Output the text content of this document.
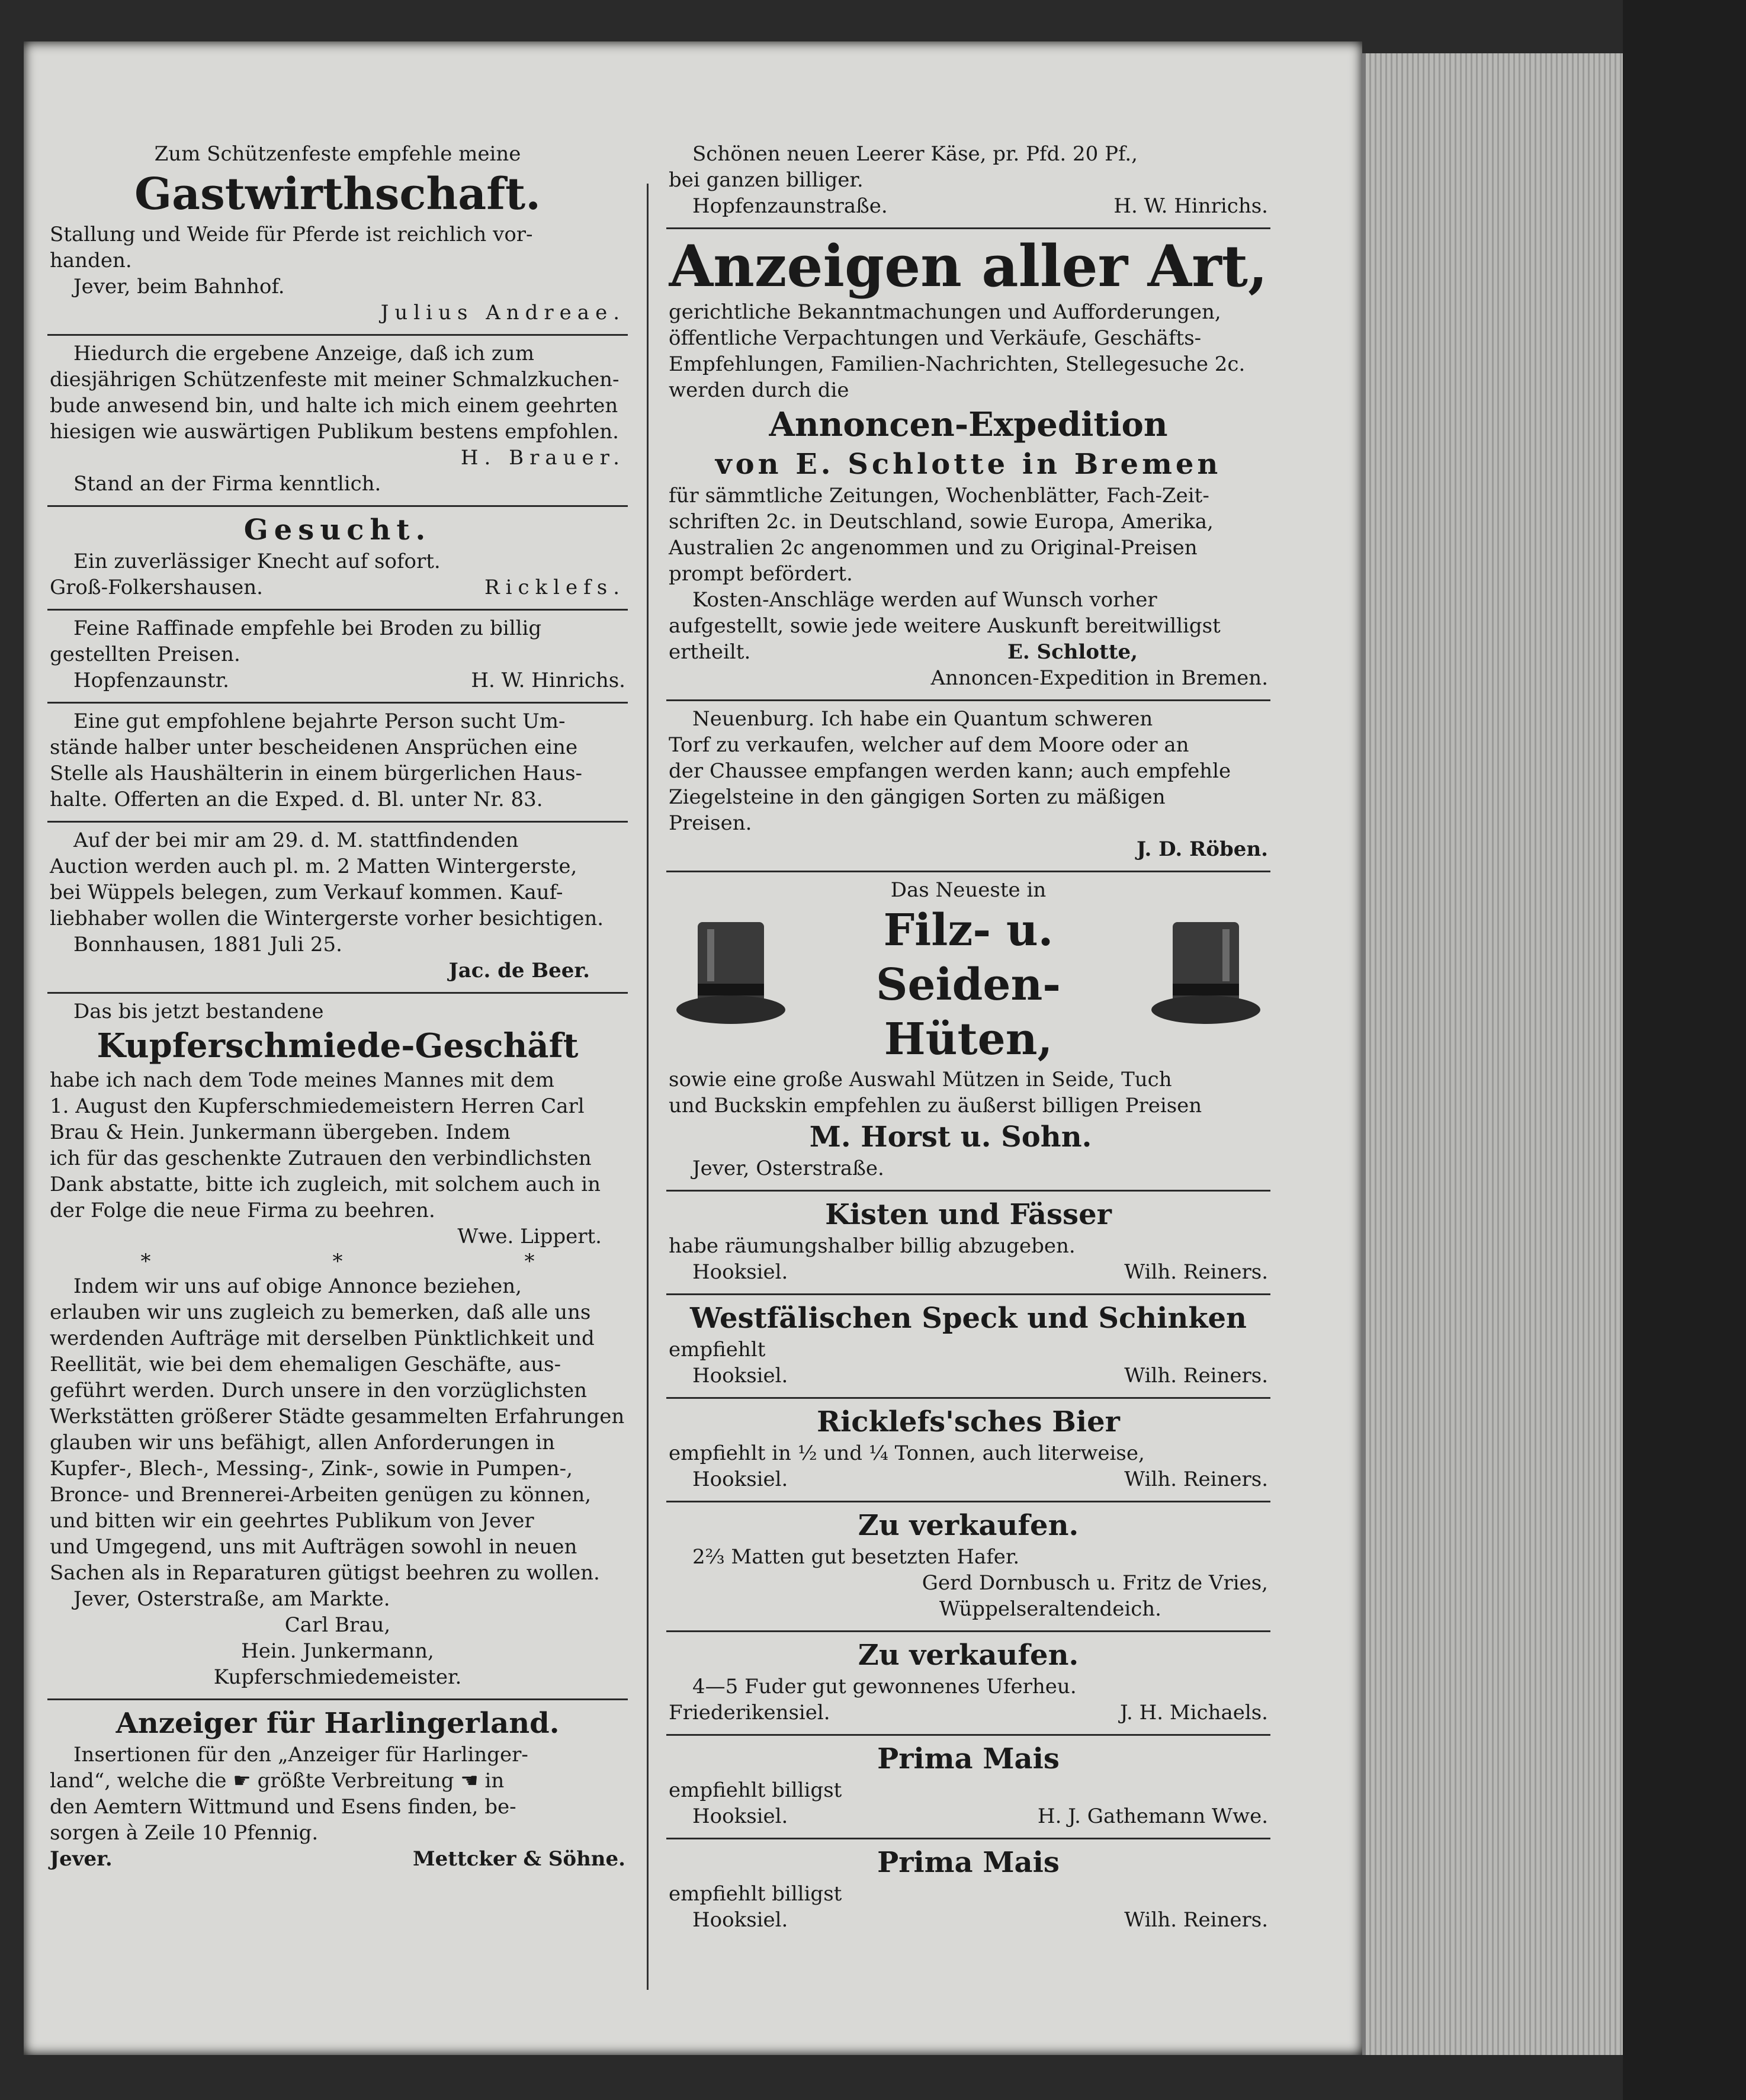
Zum Schützenfeste empfehle meine

Gastwirthschaft.

Stallung und Weide für Pferde ist reichlich vor-

handen.

Jever, beim Bahnhof.

Julius Andreae.

Hiedurch die ergebene Anzeige, daß ich zum

diesjährigen Schützenfeste mit meiner Schmalzkuchen-

bude anwesend bin, und halte ich mich einem geehrten

hiesigen wie auswärtigen Publikum bestens empfohlen.

H. Brauer.

Stand an der Firma kenntlich.

Gesucht.

Ein zuverlässiger Knecht auf sofort.

Groß-Folkershausen.	Ricklefs.

Feine Raffinade empfehle bei Broden zu billig

gestellten Preisen.

Hopfenzaunstr.	H. W. Hinrichs.

Eine gut empfohlene bejahrte Person sucht Um-

stände halber unter bescheidenen Ansprüchen eine

Stelle als Haushälterin in einem bürgerlichen Haus-

halte. Offerten an die Exped. d. Bl. unter Nr. 83.

Auf der bei mir am 29. d. M. stattfindenden

Auction werden auch pl. m. 2 Matten Wintergerste,

bei Wüppels belegen, zum Verkauf kommen. Kauf-

liebhaber wollen die Wintergerste vorher besichtigen.

Bonnhausen, 1881 Juli 25.

Jac. de Beer.

Das bis jetzt bestandene

Kupferschmiede-Geschäft

habe ich nach dem Tode meines Mannes mit dem

1. August den Kupferschmiedemeistern Herren Carl

Brau & Hein. Junkermann übergeben. Indem

ich für das geschenkte Zutrauen den verbindlichsten

Dank abstatte, bitte ich zugleich, mit solchem auch in

der Folge die neue Firma zu beehren.

Wwe. Lippert.

*	*	*

Indem wir uns auf obige Annonce beziehen,

erlauben wir uns zugleich zu bemerken, daß alle uns

werdenden Aufträge mit derselben Pünktlichkeit und

Reellität, wie bei dem ehemaligen Geschäfte, aus-

geführt werden. Durch unsere in den vorzüglichsten

Werkstätten größerer Städte gesammelten Erfahrungen

glauben wir uns befähigt, allen Anforderungen in

Kupfer-, Blech-, Messing-, Zink-, sowie in Pumpen-,

Bronce- und Brennerei-Arbeiten genügen zu können,

und bitten wir ein geehrtes Publikum von Jever

und Umgegend, uns mit Aufträgen sowohl in neuen

Sachen als in Reparaturen gütigst beehren zu wollen.

Jever, Osterstraße, am Markte.

Carl Brau,

Hein. Junkermann,

Kupferschmiedemeister.

Anzeiger für Harlingerland.

Insertionen für den „Anzeiger für Harlinger-

land“, welche die ☛ größte Verbreitung ☚ in

den Aemtern Wittmund und Esens finden, be-

sorgen à Zeile 10 Pfennig.

Jever.	Mettcker & Söhne.

Schönen neuen Leerer Käse, pr. Pfd. 20 Pf.,

bei ganzen billiger.

Hopfenzaunstraße.	H. W. Hinrichs.

Anzeigen aller Art,

gerichtliche Bekanntmachungen und Aufforderungen,

öffentliche Verpachtungen und Verkäufe, Geschäfts-

Empfehlungen, Familien-Nachrichten, Stellegesuche 2c.

werden durch die

Annoncen-Expedition

von E. Schlotte in Bremen

für sämmtliche Zeitungen, Wochenblätter, Fach-Zeit-

schriften 2c. in Deutschland, sowie Europa, Amerika,

Australien 2c angenommen und zu Original-Preisen

prompt befördert.

Kosten-Anschläge werden auf Wunsch vorher

aufgestellt, sowie jede weitere Auskunft bereitwilligst

ertheilt.	E. Schlotte,

Annoncen-Expedition in Bremen.

Neuenburg. Ich habe ein Quantum schweren

Torf zu verkaufen, welcher auf dem Moore oder an

der Chaussee empfangen werden kann; auch empfehle

Ziegelsteine in den gängigen Sorten zu mäßigen

Preisen.

J. D. Röben.

Das Neueste in

Filz- u. Seiden-

Hüten,

sowie eine große Auswahl Mützen in Seide, Tuch

und Buckskin empfehlen zu äußerst billigen Preisen

M. Horst u. Sohn.

Jever, Osterstraße.

Kisten und Fässer

habe räumungshalber billig abzugeben.

Hooksiel.	Wilh. Reiners.

Westfälischen Speck und Schinken

empfiehlt

Hooksiel.	Wilh. Reiners.

Ricklefs'sches Bier

empfiehlt in ½ und ¼ Tonnen, auch literweise,

Hooksiel.	Wilh. Reiners.

Zu verkaufen.

2⅔ Matten gut besetzten Hafer.

Gerd Dornbusch u. Fritz de Vries,

Wüppelseraltendeich.

Zu verkaufen.

4—5 Fuder gut gewonnenes Uferheu.

Friederikensiel.	J. H. Michaels.

Prima Mais

empfiehlt billigst

Hooksiel.	H. J. Gathemann Wwe.

Prima Mais

empfiehlt billigst

Hooksiel.	Wilh. Reiners.
